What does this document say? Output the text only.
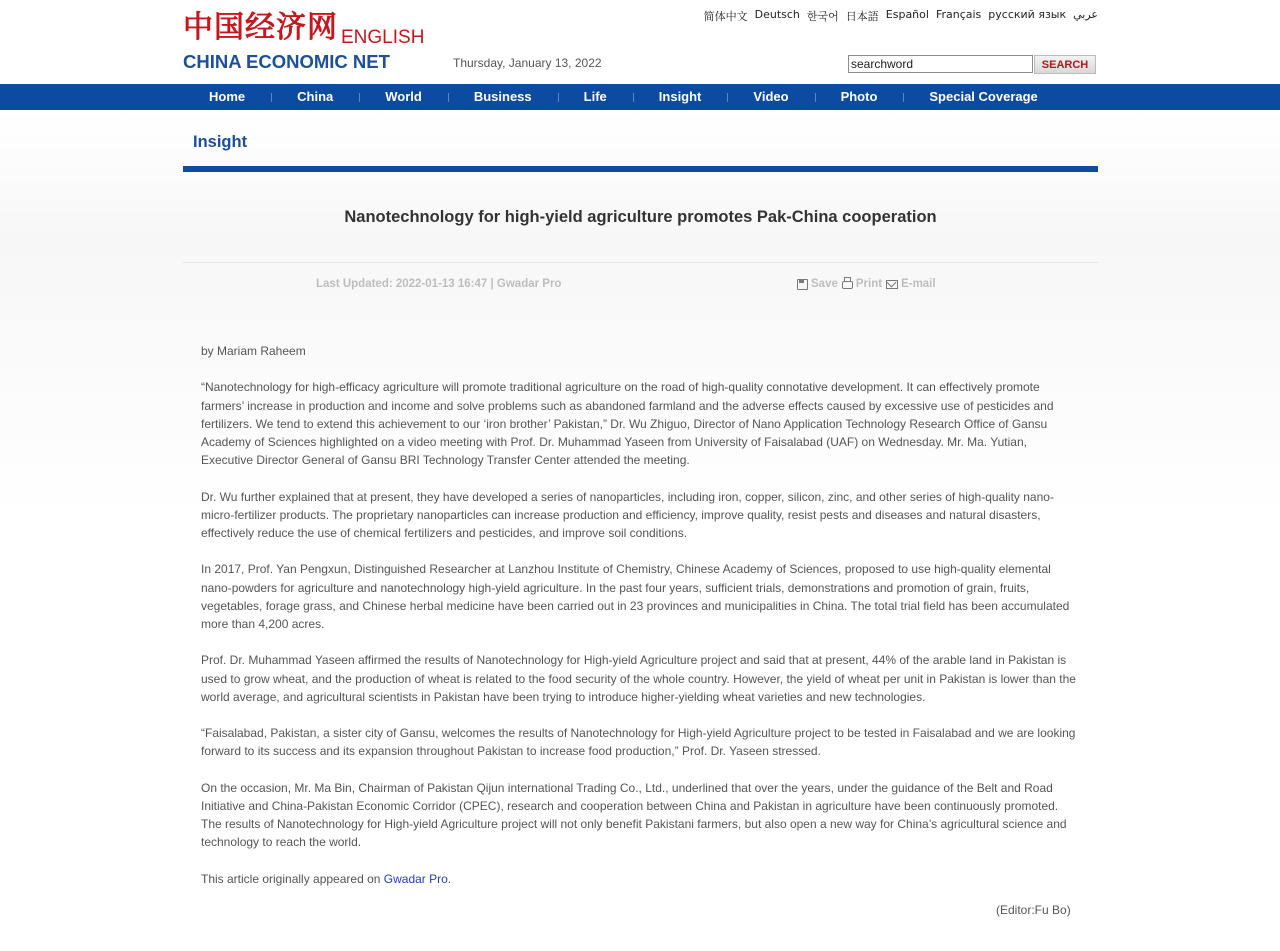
中国经济网 ENGLISH
CHINA ECONOMIC NET	Thursday, January 13, 2022
简体中文 Deutsch 한국어 日本語 Español Français русский язык عربي
searchword
SEARCH
Home	China	World	Business	Life	Insight	Video	Photo	Special Coverage
Insight
Nanotechnology for high-yield agriculture promotes Pak-China cooperation
Last Updated: 2022-01-13 16:47 | Gwadar Pro	Save Print E-mail

by Mariam Raheem

“Nanotechnology for high-efficacy agriculture will promote traditional agriculture on the road of high-quality connotative development. It can effectively promote farmers’ increase in production and income and solve problems such as abandoned farmland and the adverse effects caused by excessive use of pesticides and fertilizers. We tend to extend this achievement to our ‘iron brother’ Pakistan,” Dr. Wu Zhiguo, Director of Nano Application Technology Research Office of Gansu Academy of Sciences highlighted on a video meeting with Prof. Dr. Muhammad Yaseen from University of Faisalabad (UAF) on Wednesday. Mr. Ma. Yutian, Executive Director General of Gansu BRI Technology Transfer Center attended the meeting.

Dr. Wu further explained that at present, they have developed a series of nanoparticles, including iron, copper, silicon, zinc, and other series of high-quality nano-micro-fertilizer products. The proprietary nanoparticles can increase production and efficiency, improve quality, resist pests and diseases and natural disasters, effectively reduce the use of chemical fertilizers and pesticides, and improve soil conditions.

In 2017, Prof. Yan Pengxun, Distinguished Researcher at Lanzhou Institute of Chemistry, Chinese Academy of Sciences, proposed to use high-quality elemental nano-powders for agriculture and nanotechnology high-yield agriculture. In the past four years, sufficient trials, demonstrations and promotion of grain, fruits, vegetables, forage grass, and Chinese herbal medicine have been carried out in 23 provinces and municipalities in China. The total trial field has been accumulated more than 4,200 acres.

Prof. Dr. Muhammad Yaseen affirmed the results of Nanotechnology for High-yield Agriculture project and said that at present, 44% of the arable land in Pakistan is used to grow wheat, and the production of wheat is related to the food security of the whole country. However, the yield of wheat per unit in Pakistan is lower than the world average, and agricultural scientists in Pakistan have been trying to introduce higher-yielding wheat varieties and new technologies.

“Faisalabad, Pakistan, a sister city of Gansu, welcomes the results of Nanotechnology for High-yield Agriculture project to be tested in Faisalabad and we are looking forward to its success and its expansion throughout Pakistan to increase food production,” Prof. Dr. Yaseen stressed.

On the occasion, Mr. Ma Bin, Chairman of Pakistan Qijun international Trading Co., Ltd., underlined that over the years, under the guidance of the Belt and Road Initiative and China-Pakistan Economic Corridor (CPEC), research and cooperation between China and Pakistan in agriculture have been continuously promoted. The results of Nanotechnology for High-yield Agriculture project will not only benefit Pakistani farmers, but also open a new way for China’s agricultural science and technology to reach the world.

This article originally appeared on Gwadar Pro.

(Editor:Fu Bo)
